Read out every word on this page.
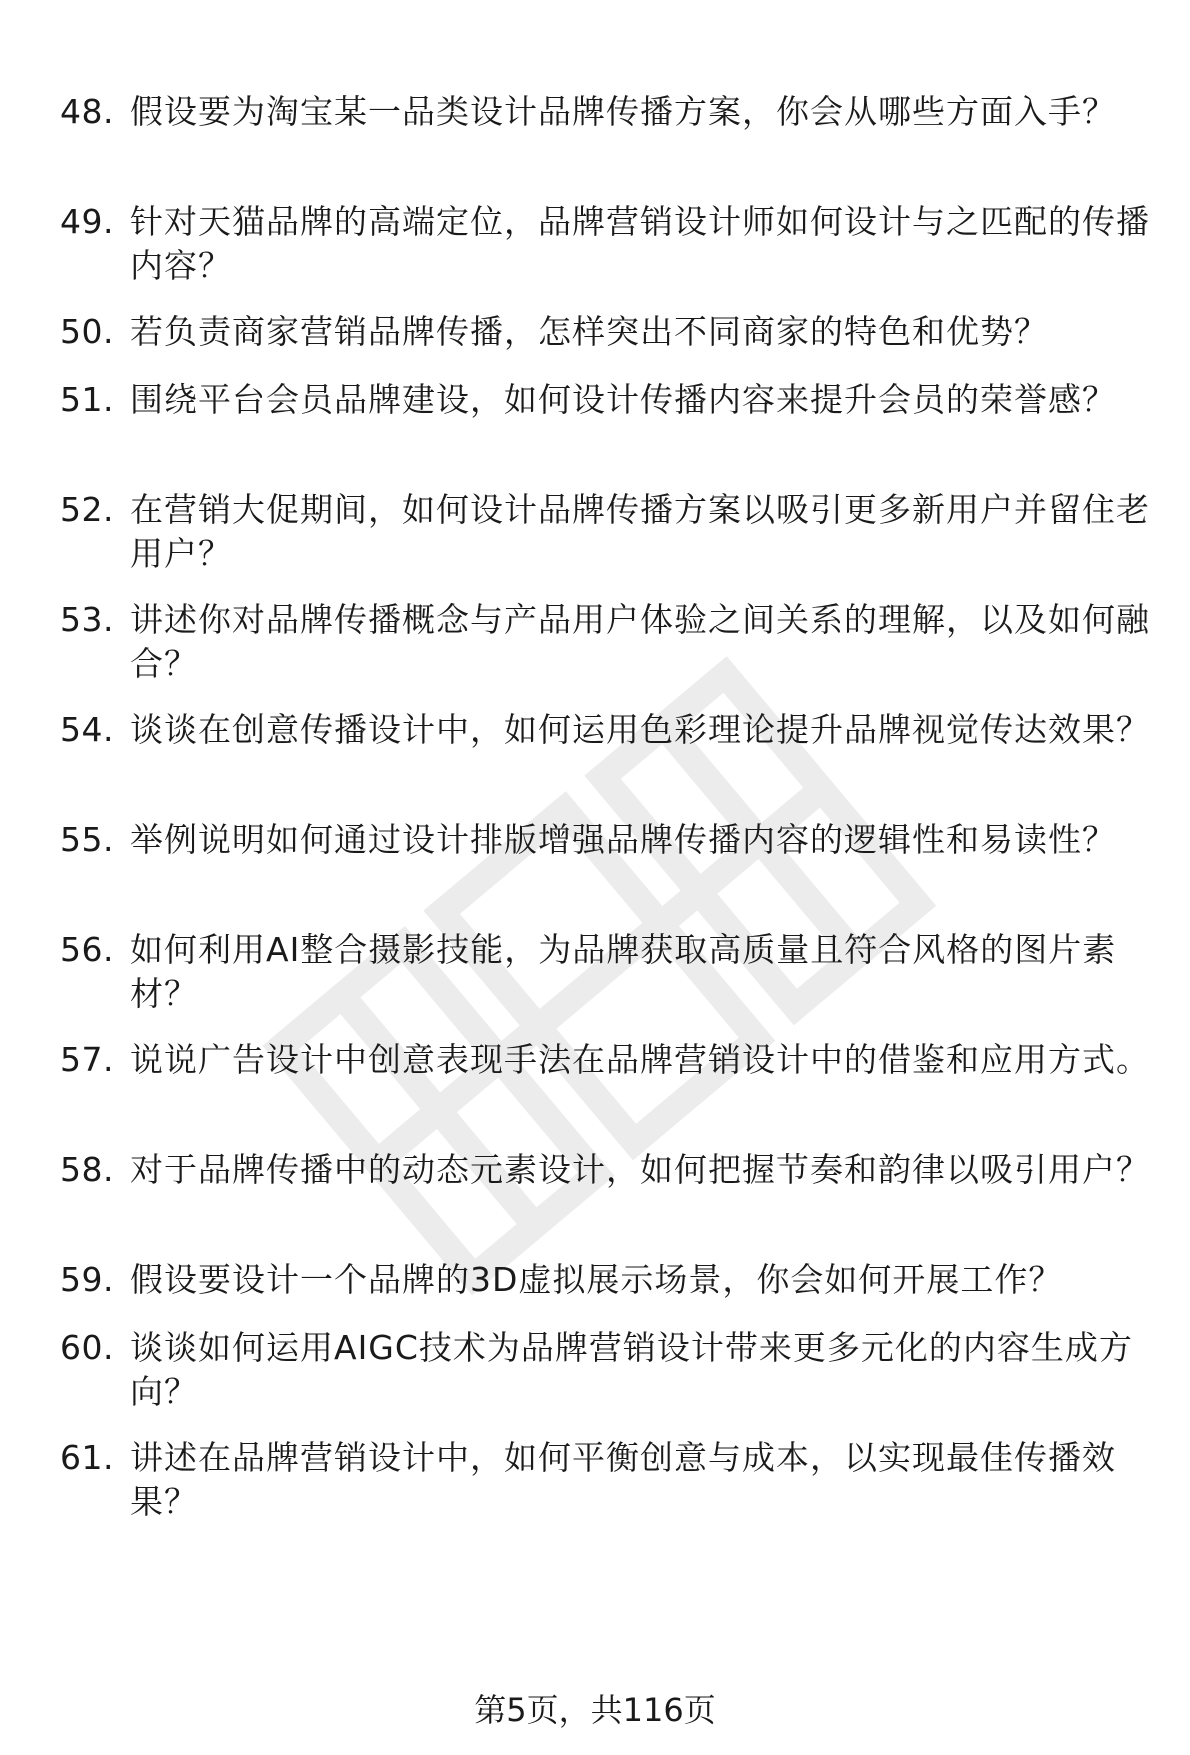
48. 假设要为淘宝某一品类设计品牌传播方案，你会从哪些方面入手？
49. 针对天猫品牌的高端定位，品牌营销设计师如何设计与之匹配的传播内容？
50. 若负责商家营销品牌传播，怎样突出不同商家的特色和优势？
51. 围绕平台会员品牌建设，如何设计传播内容来提升会员的荣誉感？
52. 在营销大促期间，如何设计品牌传播方案以吸引更多新用户并留住老用户？
53. 讲述你对品牌传播概念与产品用户体验之间关系的理解，以及如何融合？
54. 谈谈在创意传播设计中，如何运用色彩理论提升品牌视觉传达效果？
55. 举例说明如何通过设计排版增强品牌传播内容的逻辑性和易读性？
56. 如何利用AI整合摄影技能，为品牌获取高质量且符合风格的图片素材？
57. 说说广告设计中创意表现手法在品牌营销设计中的借鉴和应用方式。
58. 对于品牌传播中的动态元素设计，如何把握节奏和韵律以吸引用户？
59. 假设要设计一个品牌的3D虚拟展示场景，你会如何开展工作？
60. 谈谈如何运用AIGC技术为品牌营销设计带来更多元化的内容生成方向？
61. 讲述在品牌营销设计中，如何平衡创意与成本，以实现最佳传播效果？
第5页，共116页
